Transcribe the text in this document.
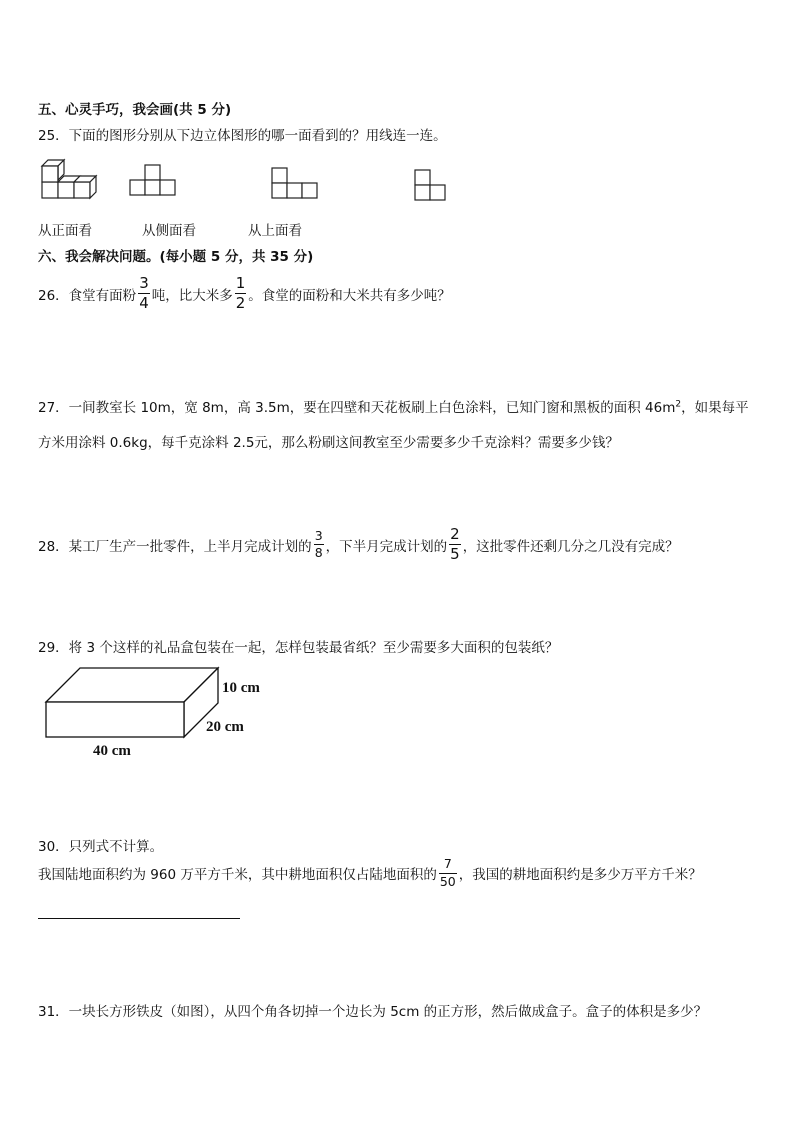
五、心灵手巧，我会画(共 5 分)
25．下面的图形分别从下边立体图形的哪一面看到的？用线连一连。
从正面看	从侧面看	从上面看
六、我会解决问题。(每小题 5 分，共 35 分)
26．食堂有面粉 $\frac{3}{4}$ 吨，比大米多 $\frac{1}{2}$ 。食堂的面粉和大米共有多少吨？
27．一间教室长 10m，宽 8m，高 3.5m，要在四壁和天花板刷上白色涂料，已知门窗和黑板的面积 $46m^2$，如果每平
方米用涂料 0.6kg，每千克涂料 2.5元，那么粉刷这间教室至少需要多少千克涂料？需要多少钱？
28．某工厂生产一批零件，上半月完成计划的 $\frac{3}{8}$ ，下半月完成计划的 $\frac{2}{5}$ ，这批零件还剩几分之几没有完成？
29．将 3 个这样的礼品盒包装在一起，怎样包装最省纸？至少需要多大面积的包装纸？
10 cm
20 cm
40 cm
30．只列式不计算。
我国陆地面积约为 960 万平方千米，其中耕地面积仅占陆地面积的 $\frac{7}{50}$ ，我国的耕地面积约是多少万平方千米？
31．一块长方形铁皮（如图），从四个角各切掉一个边长为 5cm 的正方形，然后做成盒子。盒子的体积是多少？
